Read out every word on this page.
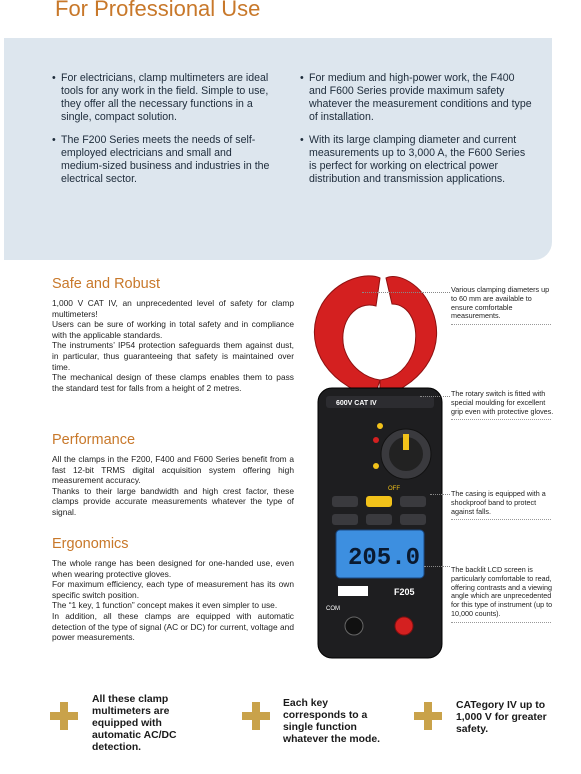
For Professional Use
• For electricians, clamp multimeters are ideal tools for any work in the field. Simple to use, they offer all the necessary functions in a single, compact solution.
• The F200 Series meets the needs of self-employed electricians and small and medium-sized business and industries in the electrical sector.
• For medium and high-power work, the F400 and F600 Series provide maximum safety whatever the measurement conditions and type of installation.
• With its large clamping diameter and current measurements up to 3,000 A, the F600 Series is perfect for working on electrical power distribution and transmission applications.
Safe and Robust

1,000 V CAT IV, an unprecedented level of safety for clamp multimeters!

Users can be sure of working in total safety and in compliance with the applicable standards.

The instruments’ IP54 protection safeguards them against dust, in particular, thus guaranteeing that safety is maintained over time.

The mechanical design of these clamps enables them to pass the standard test for falls from a height of 2 metres.

Performance

All the clamps in the F200, F400 and F600 Series benefit from a fast 12-bit TRMS digital acquisition system offering high measurement accuracy.

Thanks to their large bandwidth and high crest factor, these clamps provide accurate measurements whatever the type of signal.

Ergonomics

The whole range has been designed for one-handed use, even when wearing protective gloves.

For maximum efficiency, each type of measurement has its own specific switch position.

The “1 key, 1 function” concept makes it even simpler to use.

In addition, all these clamps are equipped with automatic detection of the type of signal (AC or DC) for current, voltage and power measurements.

600V CAT IV
OFF
205.0
F205
COM
Various clamping diameters up to 60 mm are available to ensure comfortable measurements.
The rotary switch is fitted with special moulding for excellent grip even with protective gloves.
The casing is equipped with a shockproof band to protect against falls.
The backlit LCD screen is particularly comfortable to read, offering contrasts and a viewing angle which are unprecedented for this type of instrument (up to 10,000 counts).
All these clamp multimeters are equipped with automatic AC/DC detection.
Each key corresponds to a single function whatever the mode.
CATegory IV up to 1,000 V for greater safety.
